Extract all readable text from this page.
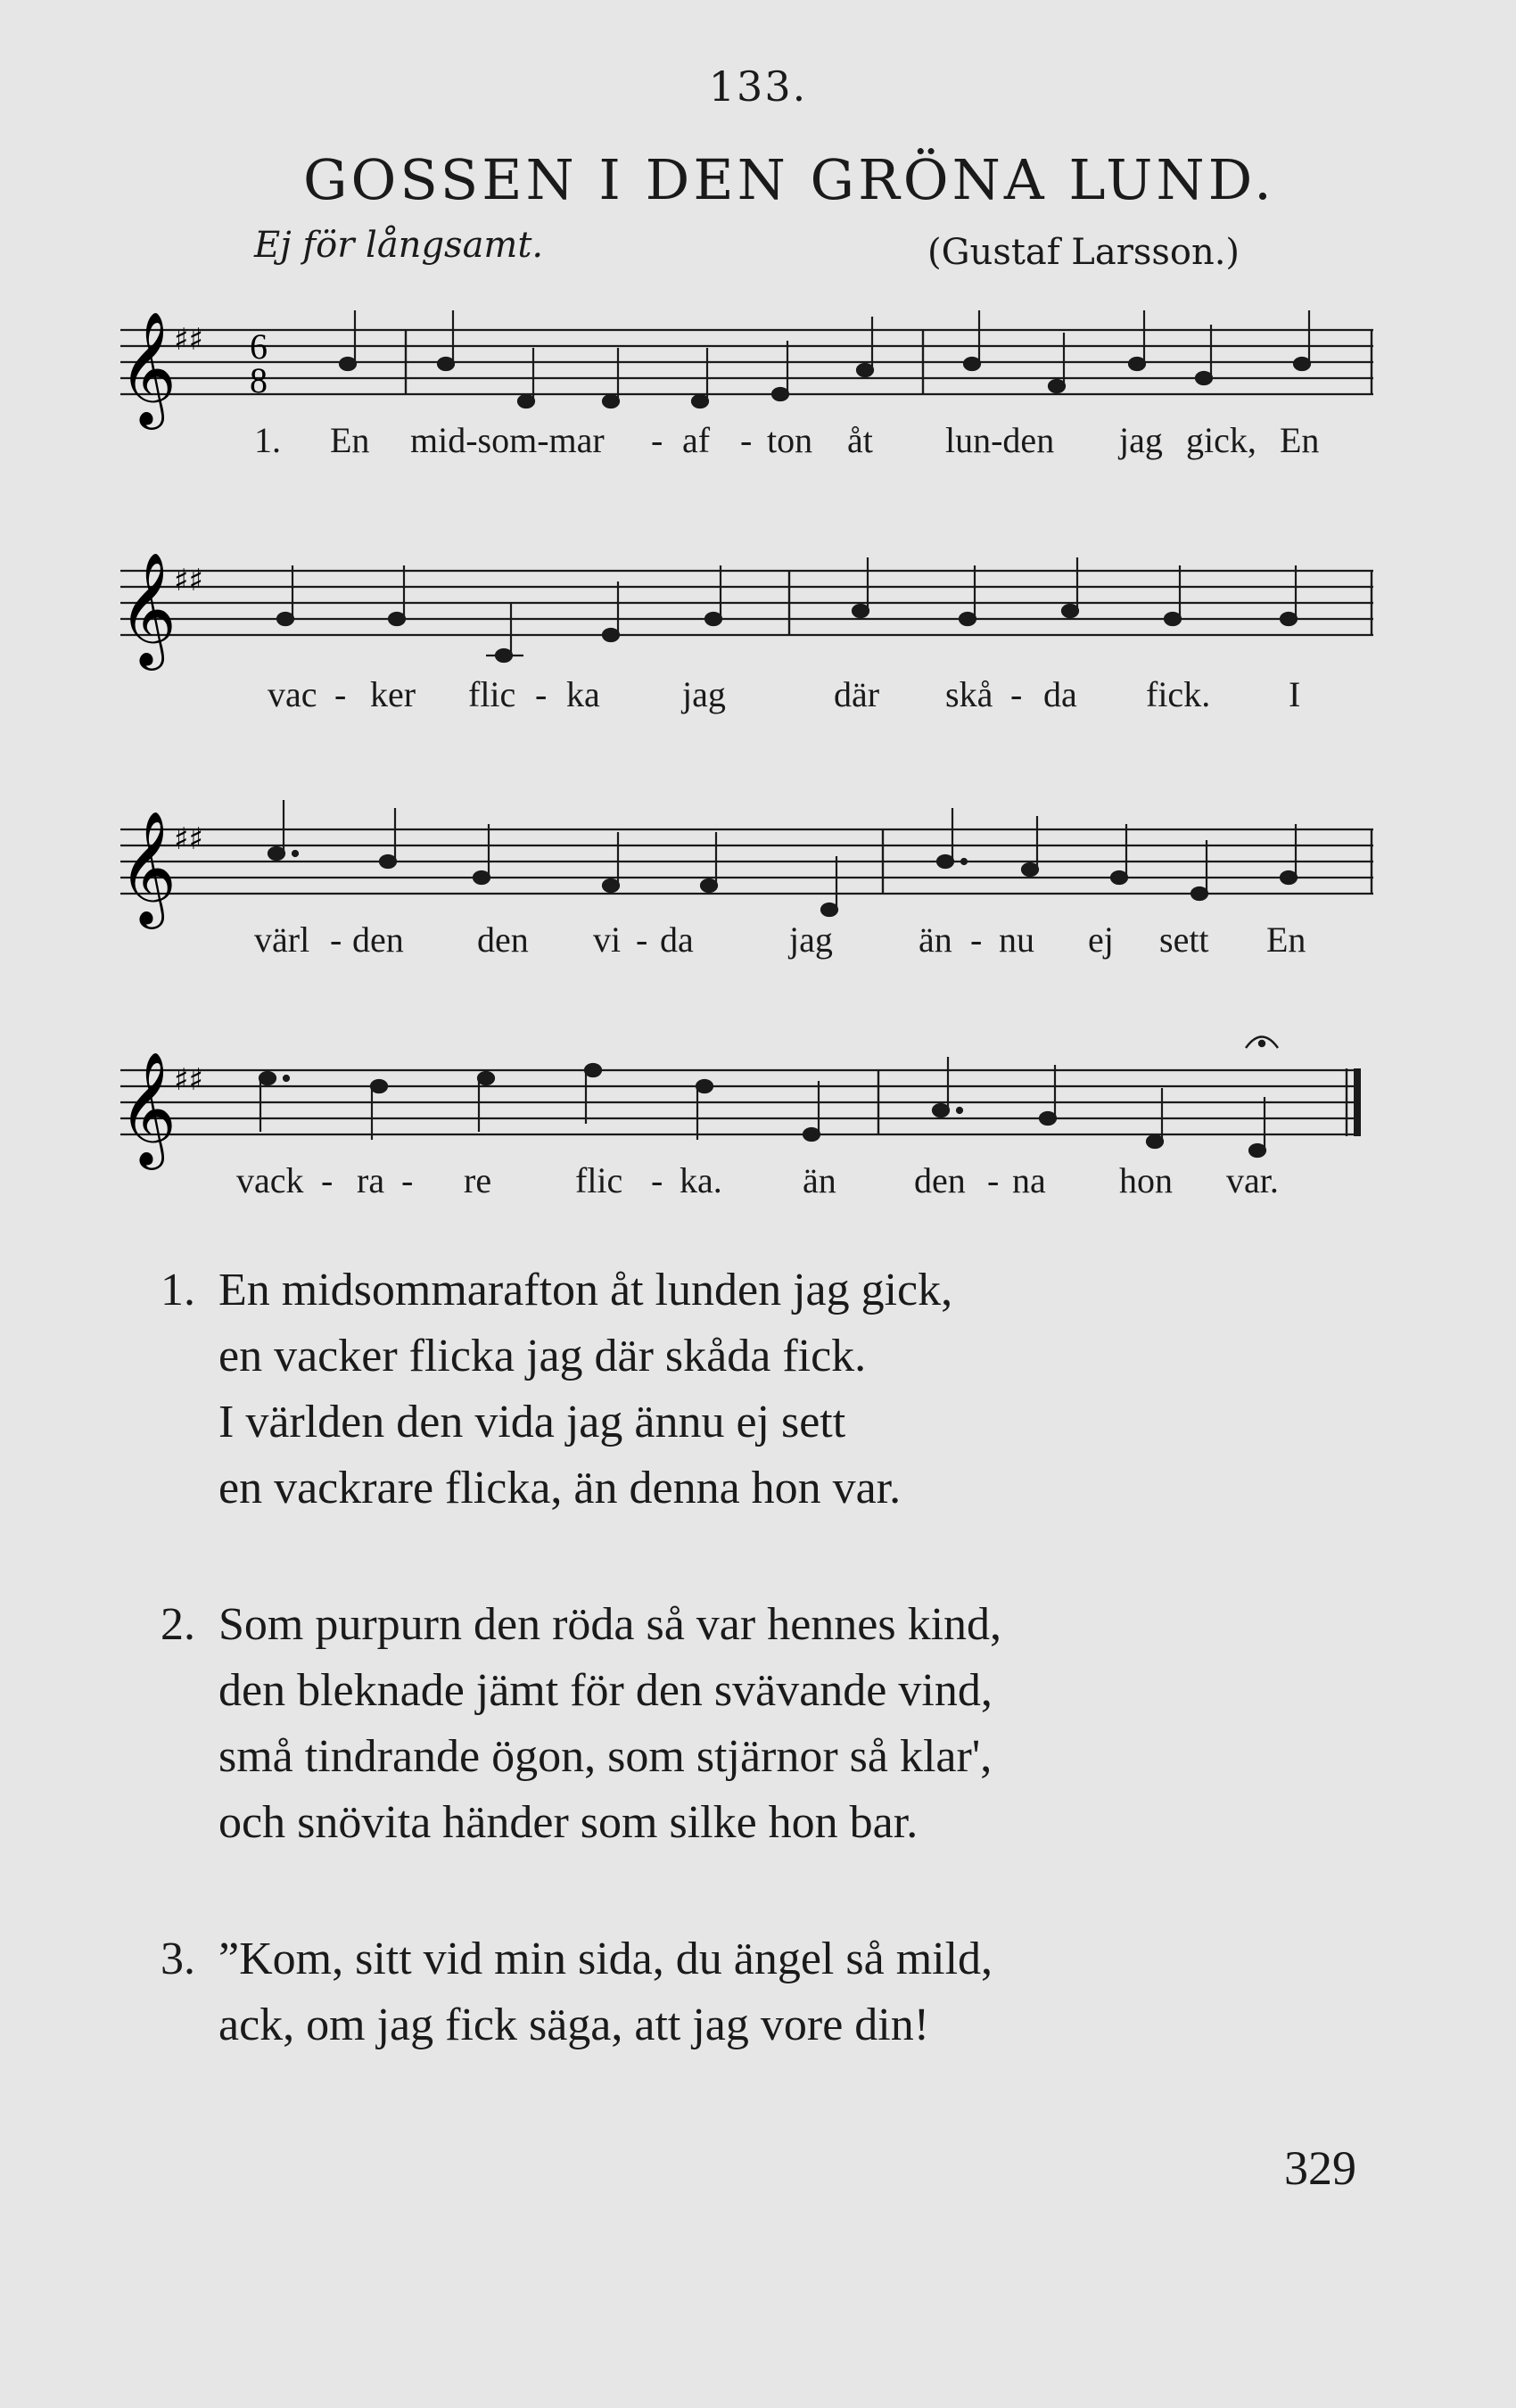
133.
GOSSEN I DEN GRÖNA LUND.
Ej för långsamt.	(Gustaf Larsson.)
𝄞
♯♯ 6
8
1. En mid-som-mar - af - ton åt lun-den jag gick, En
𝄞
♯♯
vac - ker flic - ka jag	där skå - da fick. I
𝄞
♯♯
värl - den den vi - da	jag än - nu ej sett En
𝄞
♯♯
vack - ra - re flic - ka. än den - na hon var.
1. En midsommarafton åt lunden jag gick,
en vacker flicka jag där skåda fick.
I världen den vida jag ännu ej sett
en vackrare flicka, än denna hon var.
2. Som purpurn den röda så var hennes kind,
den bleknade jämt för den svävande vind,
små tindrande ögon, som stjärnor så klar',
och snövita händer som silke hon bar.
3. ”Kom, sitt vid min sida, du ängel så mild,
ack, om jag fick säga, att jag vore din!
329
